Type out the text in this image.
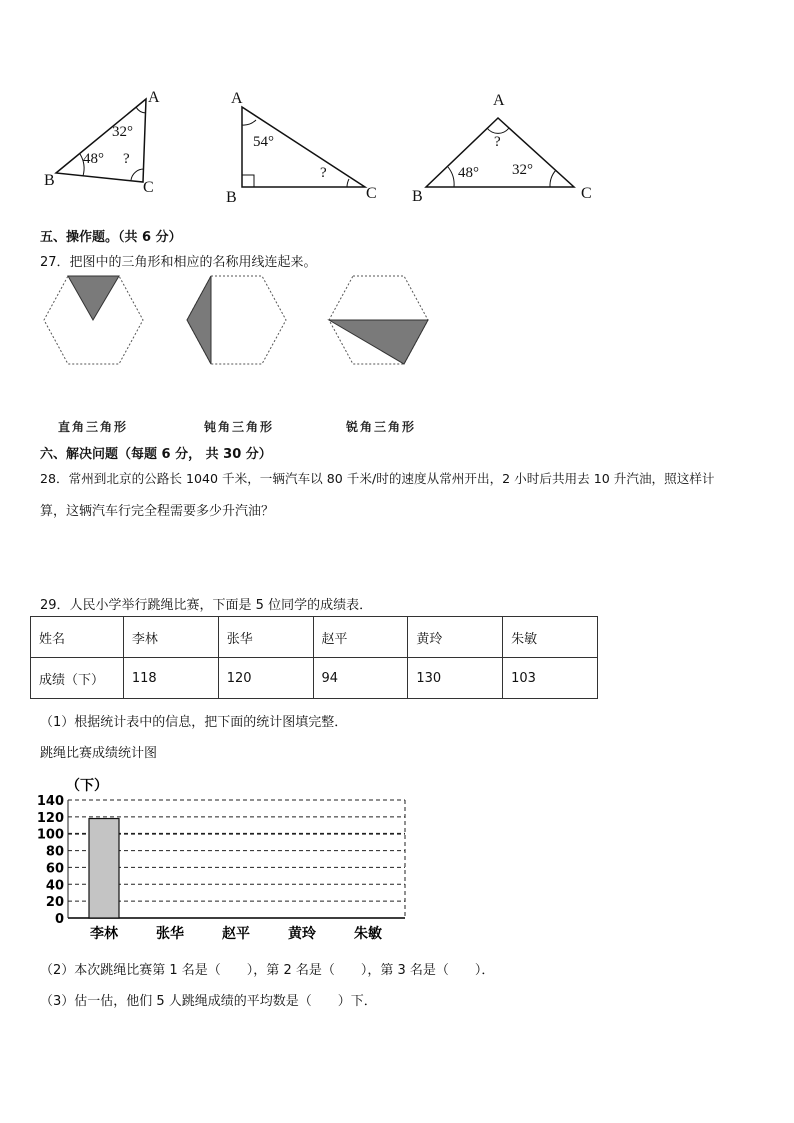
A
B	C
32°
48° ?
A
B	C
54°
?
A
B	C
?
48° 32°
五、操作题。（共 6 分）
27．把图中的三角形和相应的名称用线连起来。
直角三角形	钝角三角形	锐角三角形
六、解决问题（每题 6 分， 共 30 分）
28．常州到北京的公路长 1040 千米，一辆汽车以 80 千米/时的速度从常州开出，2 小时后共用去 10 升汽油，照这样计
算，这辆汽车行完全程需要多少升汽油？
29．人民小学举行跳绳比赛，下面是 5 位同学的成绩表．
姓名	李林	张华	赵平	黄玲	朱敏
成绩（下）	118	120	94	130	103
（1）根据统计表中的信息，把下面的统计图填完整．
跳绳比赛成绩统计图
（下）
140
120
100
80
60
40
20
0
李林	张华	赵平	黄玲	朱敏
（2）本次跳绳比赛第 1 名是（　　），第 2 名是（　　），第 3 名是（　　）．
（3）估一估，他们 5 人跳绳成绩的平均数是（　　）下．
